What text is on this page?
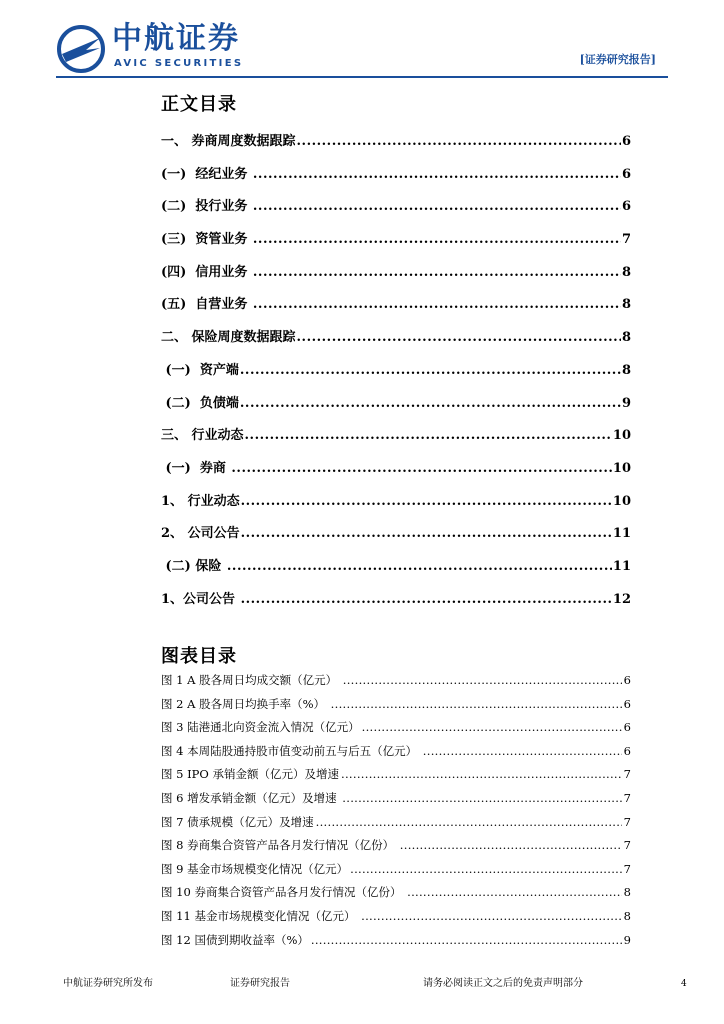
中航证券
AVIC SECURITIES	[证券研究报告]
正文目录
一、 券商周度数据跟踪 .....	6
(一)  经纪业务 .....	6
(二)  投行业务 .....	6
(三)  资管业务 .....	7
(四)  信用业务 .....	8
(五)  自营业务 .....	8
二、 保险周度数据跟踪 .....	8
(一)  资产端 .....	8
(二)  负债端 .....	9
三、 行业动态 .....	10
(一)  券商 .....	10
1、 行业动态 .....	10
2、 公司公告 .....	11
(二) 保险 .....	11
1、公司公告 .....	12
图表目录
图 1 A 股各周日均成交额（亿元） .....	6
图 2 A 股各周日均换手率（%） .....	6
图 3 陆港通北向资金流入情况（亿元） .....	6
图 4 本周陆股通持股市值变动前五与后五（亿元） .....	6
图 5 IPO 承销金额（亿元）及增速 .....	7
图 6 增发承销金额（亿元）及增速 .....	7
图 7 债承规模（亿元）及增速 .....	7
图 8 券商集合资管产品各月发行情况（亿份） .....	7
图 9 基金市场规模变化情况（亿元） .....	7
图 10 券商集合资管产品各月发行情况（亿份） .....	8
图 11 基金市场规模变化情况（亿元） .....	8
图 12 国债到期收益率（%） .....	9
中航证券研究所发布	证券研究报告	请务必阅读正文之后的免责声明部分	4
